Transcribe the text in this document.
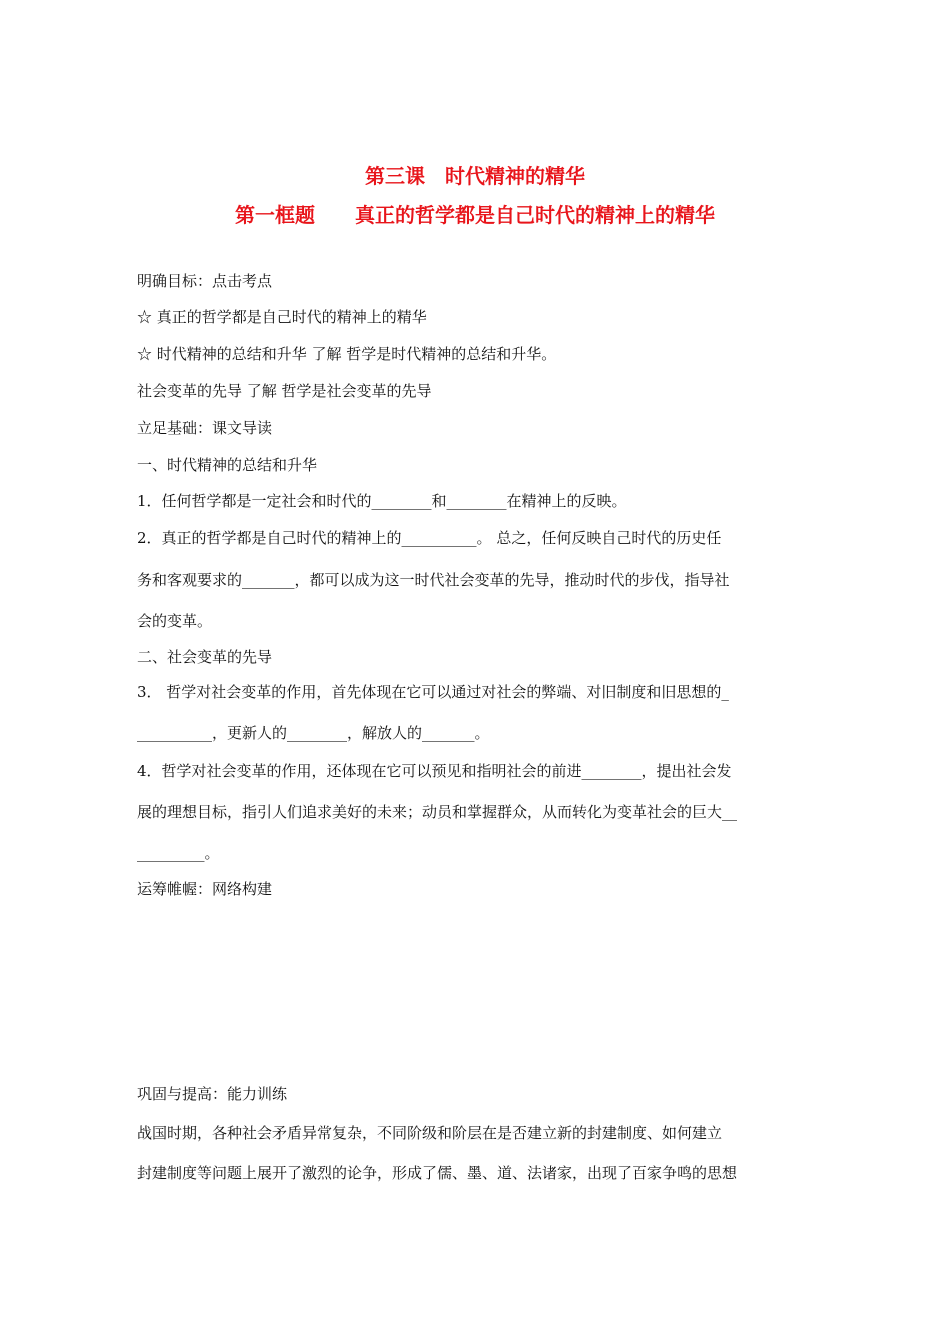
第三课　时代精神的精华
第一框题　　真正的哲学都是自己时代的精神上的精华
明确目标：点击考点
☆ 真正的哲学都是自己时代的精神上的精华
☆ 时代精神的总结和升华 了解 哲学是时代精神的总结和升华。
社会变革的先导 了解 哲学是社会变革的先导
立足基础：课文导读
一、时代精神的总结和升华
1．任何哲学都是一定社会和时代的________和________在精神上的反映。
2．真正的哲学都是自己时代的精神上的__________。 总之，任何反映自己时代的历史任
务和客观要求的_______，都可以成为这一时代社会变革的先导，推动时代的步伐，指导社
会的变革。
二、社会变革的先导
3． 哲学对社会变革的作用，首先体现在它可以通过对社会的弊端、对旧制度和旧思想的_
__________，更新人的________，解放人的_______。
4．哲学对社会变革的作用，还体现在它可以预见和指明社会的前进________，提出社会发
展的理想目标，指引人们追求美好的未来；动员和掌握群众，从而转化为变革社会的巨大__
_________。
运筹帷幄：网络构建
巩固与提高：能力训练
战国时期，各种社会矛盾异常复杂，不同阶级和阶层在是否建立新的封建制度、如何建立
封建制度等问题上展开了激烈的论争，形成了儒、墨、道、法诸家，出现了百家争鸣的思想
